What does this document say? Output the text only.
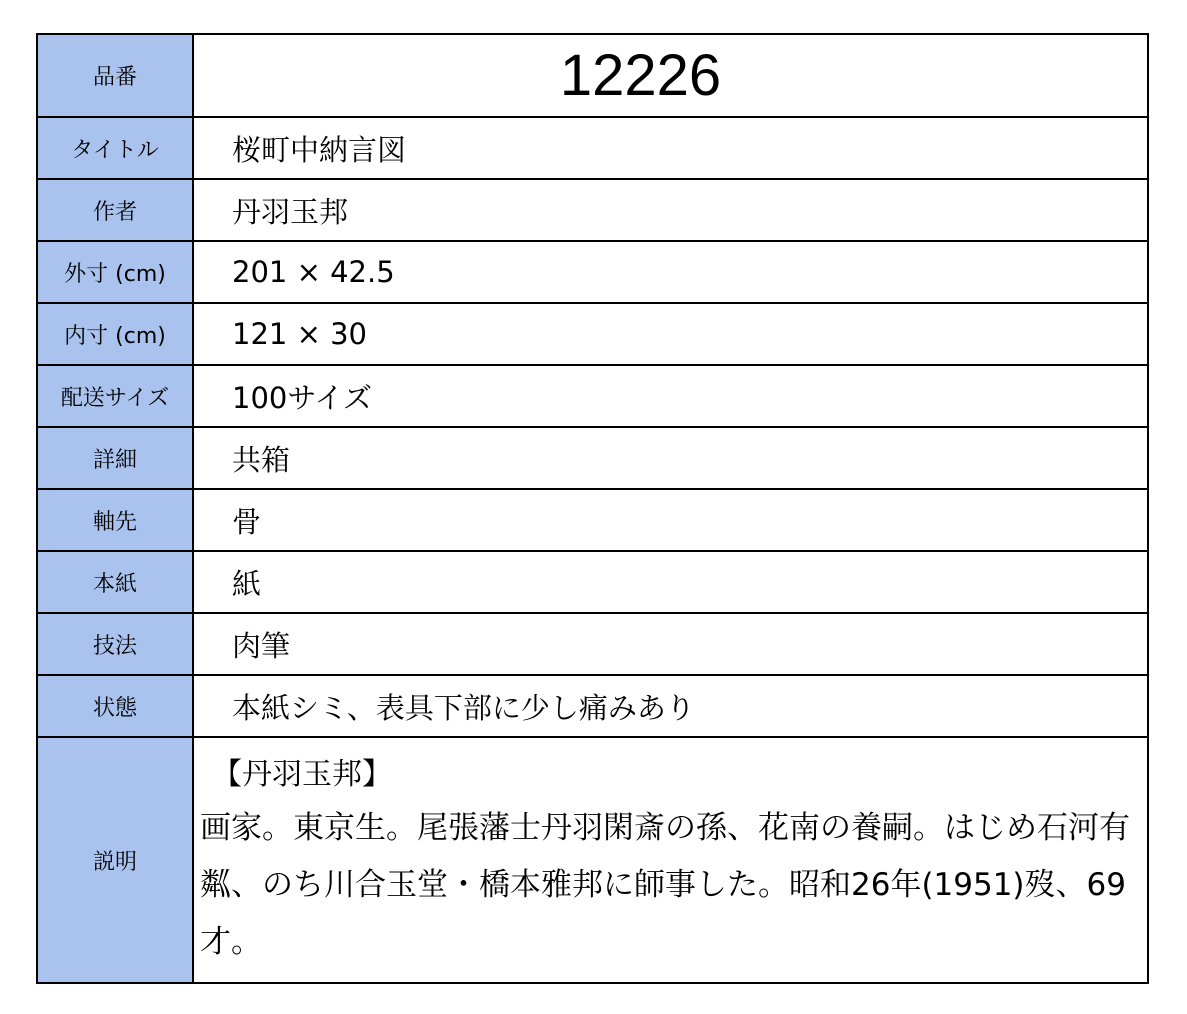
品番	12226
タイトル	桜町中納言図
作者	丹羽玉邦
外寸 (cm)	201 × 42.5
内寸 (cm)	121 × 30
配送サイズ	100サイズ
詳細	共箱
軸先	骨
本紙	紙
技法	肉筆
状態	本紙シミ、表具下部に少し痛みあり
説明
【丹羽玉邦】
画家。東京生。尾張藩士丹羽閑斎の孫、花南の養嗣。はじめ石河有粼、のち川合玉堂・橋本雅邦に師事した。昭和26年(1951)歿、69才。
